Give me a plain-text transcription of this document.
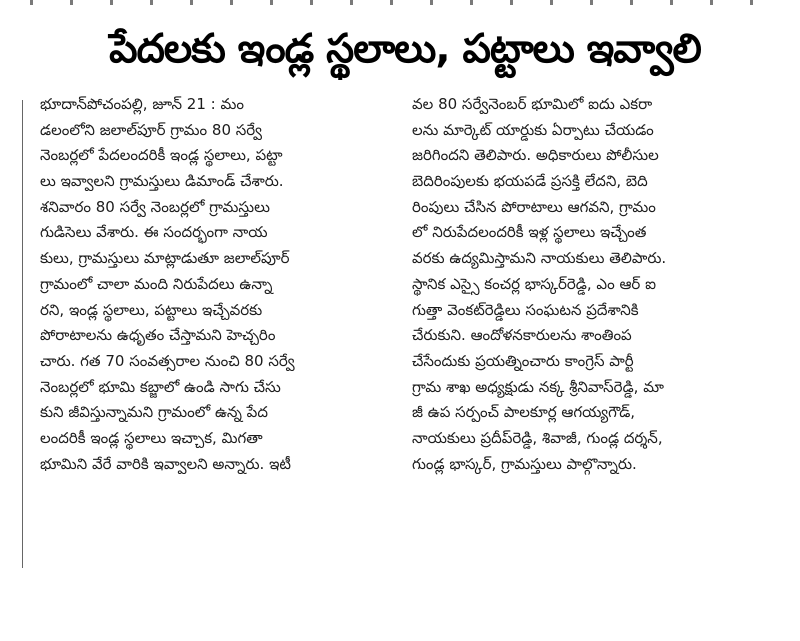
పేదలకు ఇండ్ల స్థలాలు, పట్టాలు ఇవ్వాలి
భూదాన్‌పోచంపల్లి, జూన్ 21 : మం
డలంలోని జలాల్‌పూర్ గ్రామం 80 సర్వే
నెంబర్లలో పేదలందరికీ ఇండ్ల స్థలాలు, పట్టా
లు ఇవ్వాలని గ్రామస్తులు డిమాండ్ చేశారు.
శనివారం 80 సర్వే నెంబర్లలో గ్రామస్తులు
గుడిసెలు వేశారు. ఈ సందర్భంగా నాయ
కులు, గ్రామస్తులు మాట్లాడుతూ జలాల్‌పూర్
గ్రామంలో చాలా మంది నిరుపేదలు ఉన్నా
రని, ఇండ్ల స్థలాలు, పట్టాలు ఇచ్చేవరకు
పోరాటాలను ఉధృతం చేస్తామని హెచ్చరిం
చారు. గత 70 సంవత్సరాల నుంచి 80 సర్వే
నెంబర్లలో భూమి కబ్జాలో ఉండి సాగు చేసు
కుని జీవిస్తున్నామని గ్రామంలో ఉన్న పేద
లందరికీ ఇండ్ల స్థలాలు ఇచ్చాక, మిగతా
భూమిని వేరే వారికి ఇవ్వాలని అన్నారు. ఇటీ
వల 80 సర్వేనెంబర్ భూమిలో ఐదు ఎకరా
లను మార్కెట్ యార్డుకు ఏర్పాటు చేయడం
జరిగిందని తెలిపారు. అధికారులు పోలీసుల
బెదిరింపులకు భయపడే ప్రసక్తి లేదని, బెది
రింపులు చేసిన పోరాటాలు ఆగవని, గ్రామం
లో నిరుపేదలందరికీ ఇళ్ల స్థలాలు ఇచ్చేంత
వరకు ఉద్యమిస్తామని నాయకులు తెలిపారు.
స్థానిక ఎస్సై కంచర్ల భాస్కర్‌రెడ్డి, ఎం ఆర్ ఐ
గుత్తా వెంకట్‌రెడ్డిలు సంఘటన ప్రదేశానికి
చేరుకుని. ఆందోళనకారులను శాంతింప
చేసేందుకు ప్రయత్నించారు కాంగ్రెస్ పార్టీ
గ్రామ శాఖ అధ్యక్షుడు నక్క శ్రీనివాస్‌రెడ్డి, మా
జీ ఉప సర్పంచ్ పాలకూర్ల ఆగయ్యగౌడ్,
నాయకులు ప్రదీప్‌రెడ్డి, శివాజీ, గుండ్ల దర్శన్,
గుండ్ల భాస్కర్, గ్రామస్తులు పాల్గొన్నారు.
